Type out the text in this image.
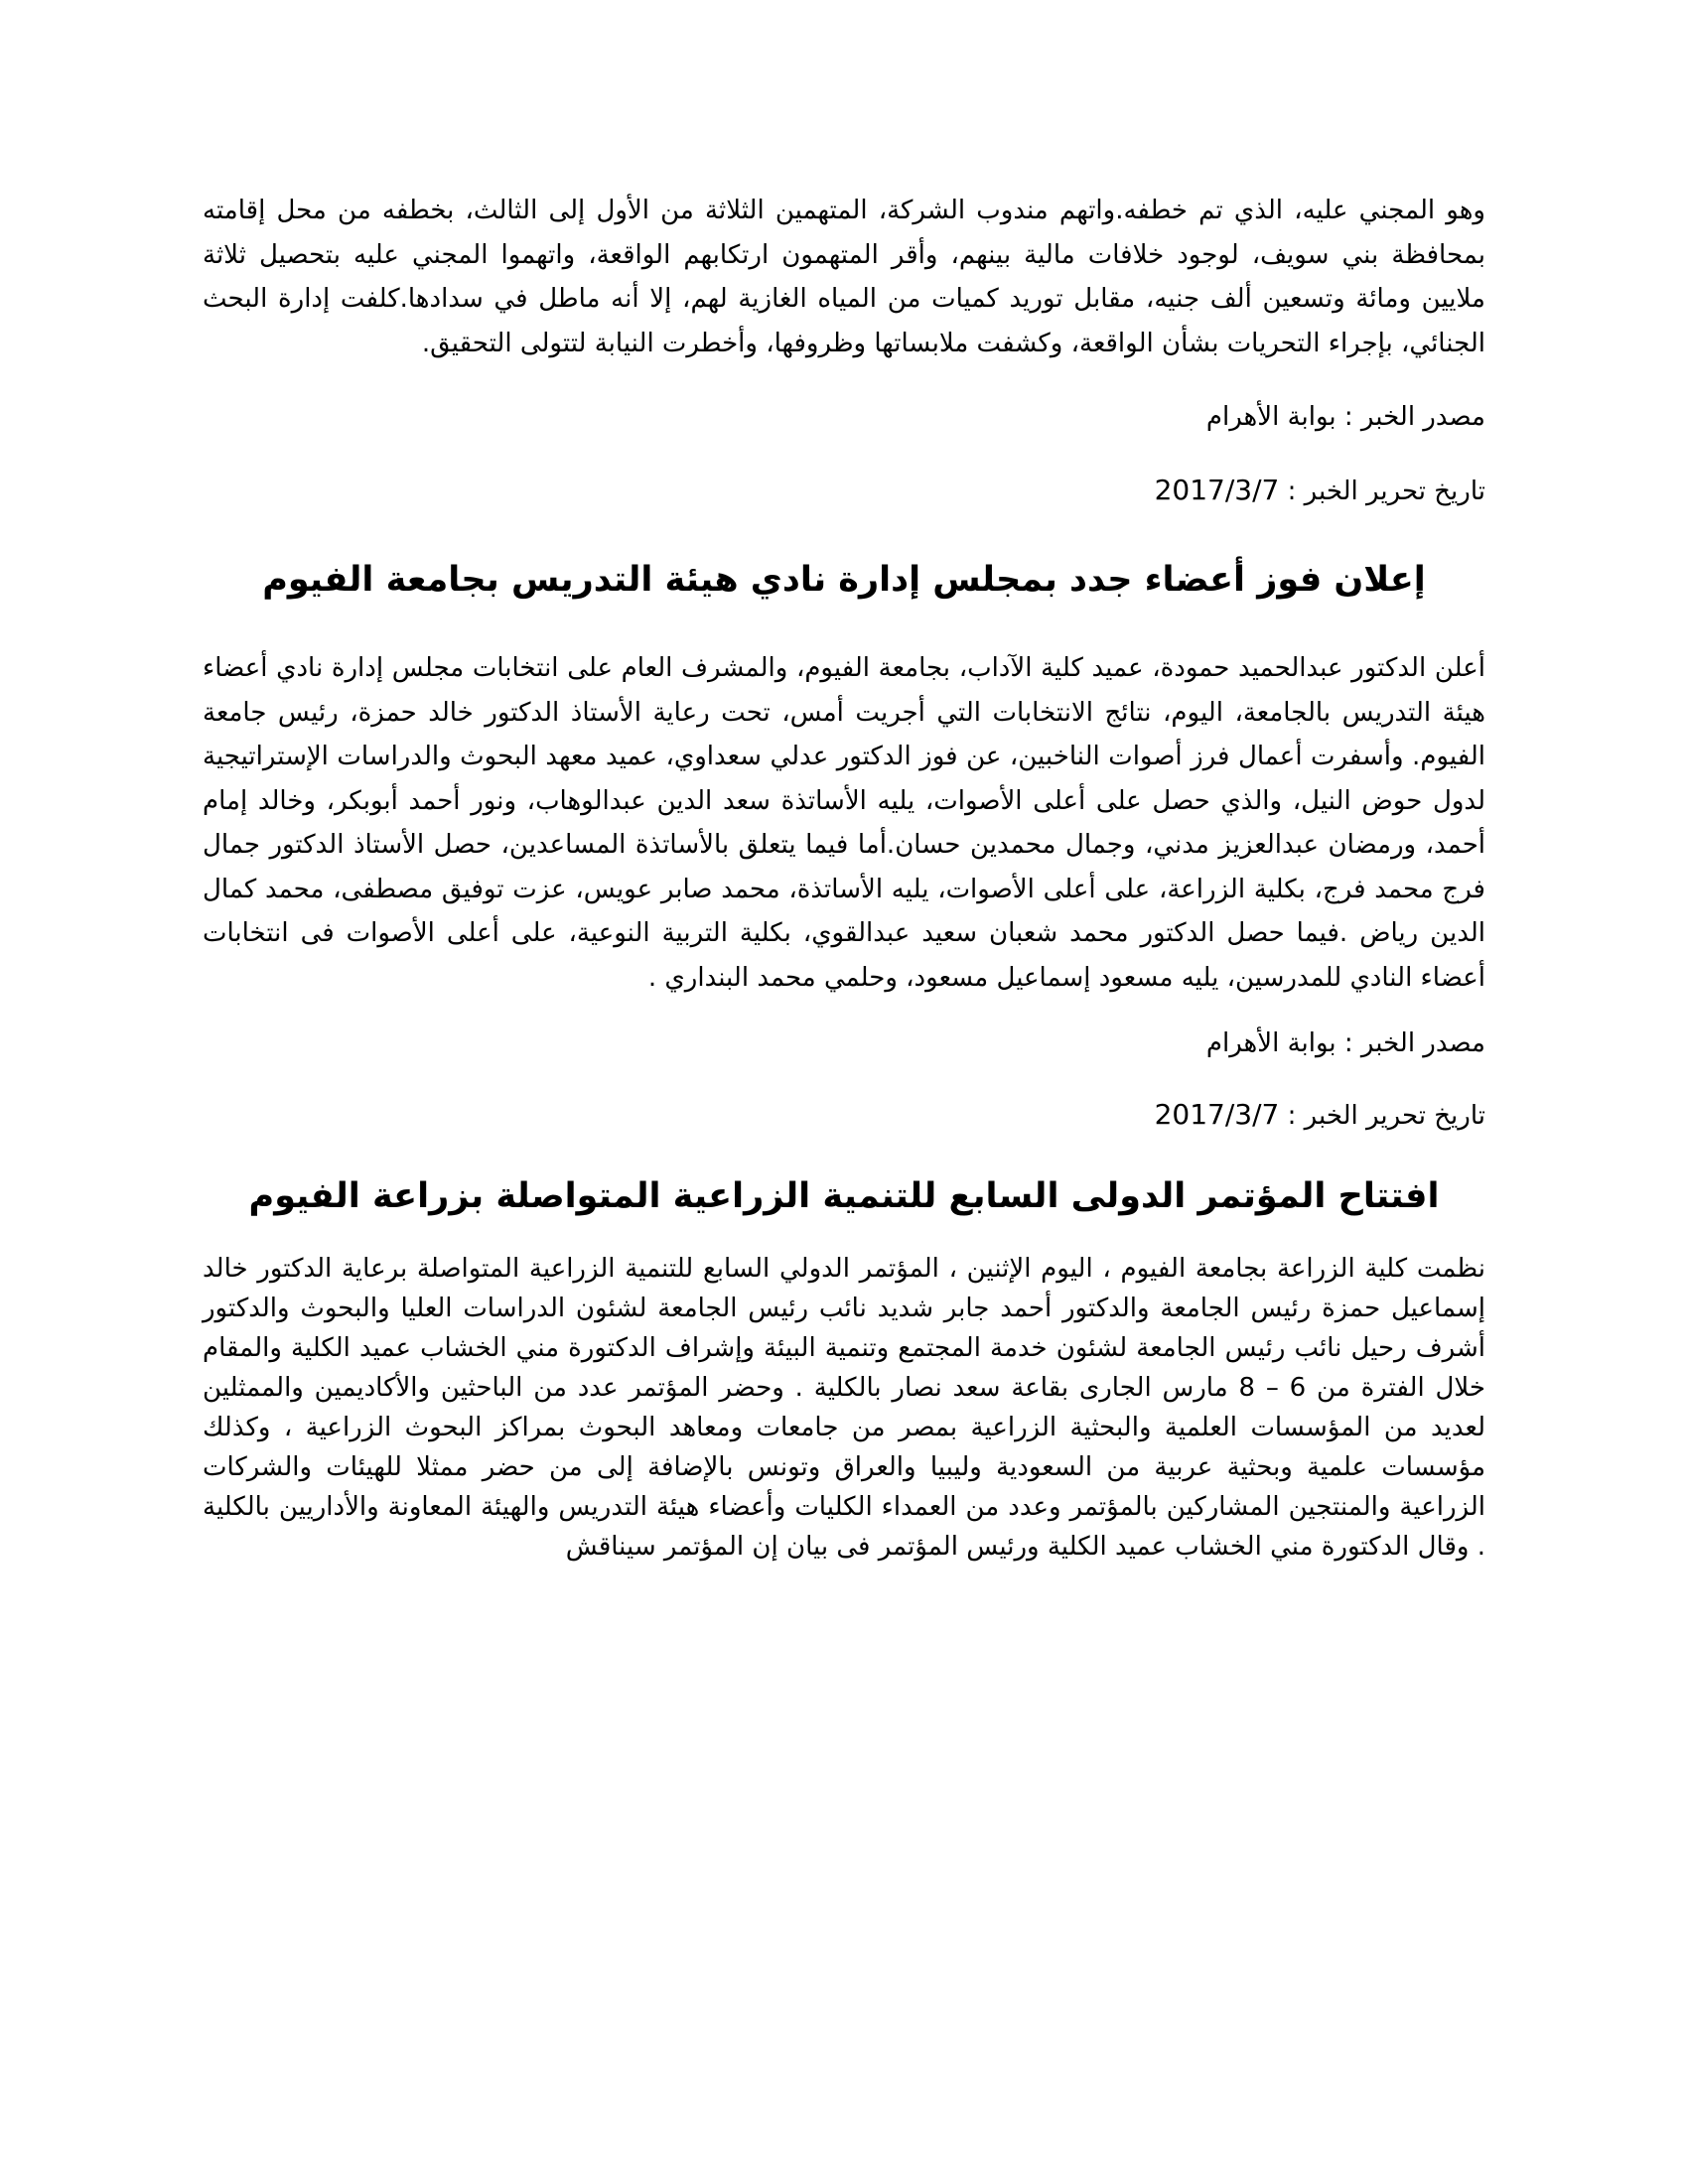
وهو المجني عليه، الذي تم خطفه.واتهم مندوب الشركة، المتهمين الثلاثة من الأول إلى الثالث، بخطفه من محل إقامته بمحافظة بني سويف، لوجود خلافات مالية بينهم، وأقر المتهمون ارتكابهم الواقعة، واتهموا المجني عليه بتحصيل ثلاثة ملايين ومائة وتسعين ألف جنيه، مقابل توريد كميات من المياه الغازية لهم، إلا أنه ماطل في سدادها.كلفت إدارة البحث الجنائي، بإجراء التحريات بشأن الواقعة، وكشفت ملابساتها وظروفها، وأخطرت النيابة لتتولى التحقيق.

مصدر الخبر : بوابة الأهرام

تاريخ تحرير الخبر : 2017/3/7

إعلان فوز أعضاء جدد بمجلس إدارة نادي هيئة التدريس بجامعة الفيوم

أعلن الدكتور عبدالحميد حمودة، عميد كلية الآداب، بجامعة الفيوم، والمشرف العام على انتخابات مجلس إدارة نادي أعضاء هيئة التدريس بالجامعة، اليوم، نتائج الانتخابات التي أجريت أمس، تحت رعاية الأستاذ الدكتور خالد حمزة، رئيس جامعة الفيوم. وأسفرت أعمال فرز أصوات الناخبين، عن فوز الدكتور عدلي سعداوي، عميد معهد البحوث والدراسات الإستراتيجية لدول حوض النيل، والذي حصل على أعلى الأصوات، يليه الأساتذة سعد الدين عبدالوهاب، ونور أحمد أبوبكر، وخالد إمام أحمد، ورمضان عبدالعزيز مدني، وجمال محمدين حسان.أما فيما يتعلق بالأساتذة المساعدين، حصل الأستاذ الدكتور جمال فرج محمد فرج، بكلية الزراعة، على أعلى الأصوات، يليه الأساتذة، محمد صابر عويس، عزت توفيق مصطفى، محمد كمال الدين رياض .فيما حصل الدكتور محمد شعبان سعيد عبدالقوي، بكلية التربية النوعية، على أعلى الأصوات فى انتخابات أعضاء النادي للمدرسين، يليه مسعود إسماعيل مسعود، وحلمي محمد البنداري .

مصدر الخبر : بوابة الأهرام

تاريخ تحرير الخبر : 2017/3/7

افتتاح المؤتمر الدولى السابع للتنمية الزراعية المتواصلة بزراعة الفيوم

نظمت كلية الزراعة بجامعة الفيوم ، اليوم الإثنين ، المؤتمر الدولي السابع للتنمية الزراعية المتواصلة برعاية الدكتور خالد إسماعيل حمزة رئيس الجامعة والدكتور أحمد جابر شديد نائب رئيس الجامعة لشئون الدراسات العليا والبحوث والدكتور أشرف رحيل نائب رئيس الجامعة لشئون خدمة المجتمع وتنمية البيئة وإشراف الدكتورة مني الخشاب عميد الكلية والمقام خلال الفترة من 6 – 8 مارس الجارى بقاعة سعد نصار بالكلية . وحضر المؤتمر عدد من الباحثين والأكاديمين والممثلين لعديد من المؤسسات العلمية والبحثية الزراعية بمصر من جامعات ومعاهد البحوث بمراكز البحوث الزراعية ، وكذلك مؤسسات علمية وبحثية عربية من السعودية وليبيا والعراق وتونس بالإضافة إلى من حضر ممثلا للهيئات والشركات الزراعية والمنتجين المشاركين بالمؤتمر وعدد من العمداء الكليات وأعضاء هيئة التدريس والهيئة المعاونة والأداريين بالكلية . وقال الدكتورة مني الخشاب عميد الكلية ورئيس المؤتمر فى بيان إن المؤتمر سيناقش
